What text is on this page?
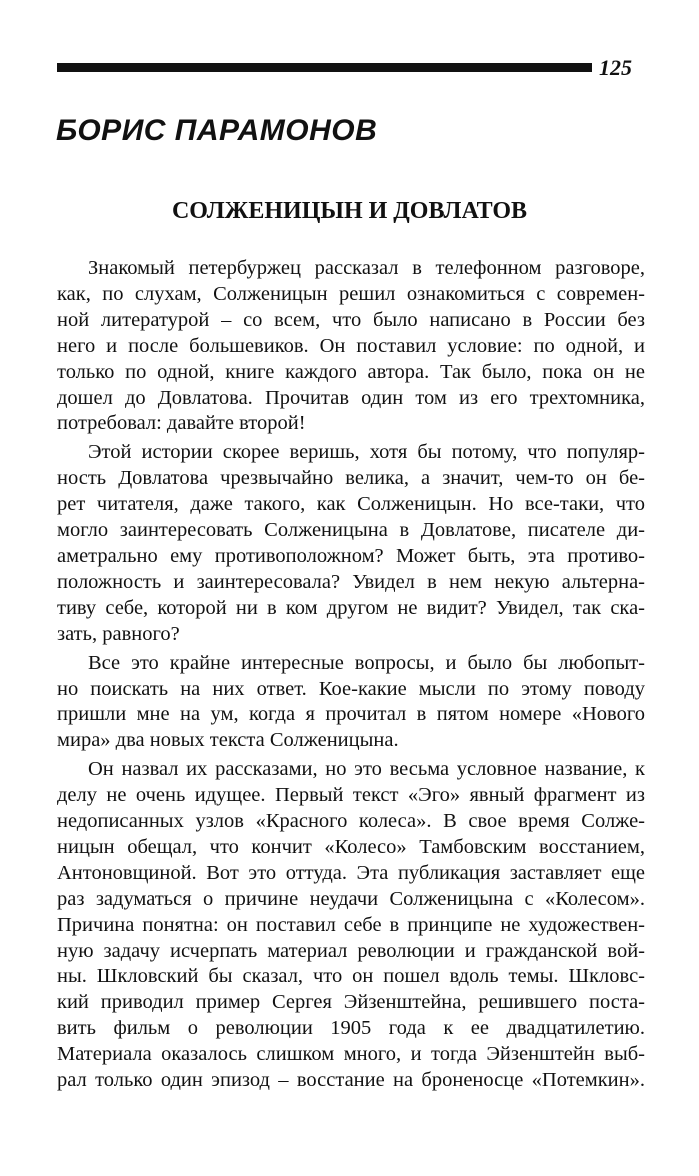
125
БОРИС ПАРАМОНОВ
СОЛЖЕНИЦЫН И ДОВЛАТОВ
Знакомый петербуржец рассказал в телефонном разговоре,
как, по слухам, Солженицын решил ознакомиться с современ-
ной литературой – со всем, что было написано в России без
него и после большевиков. Он поставил условие: по одной, и
только по одной, книге каждого автора. Так было, пока он не
дошел до Довлатова. Прочитав один том из его трехтомника,
потребовал: давайте второй!
Этой истории скорее веришь, хотя бы потому, что популяр-
ность Довлатова чрезвычайно велика, а значит, чем-то он бе-
рет читателя, даже такого, как Солженицын. Но все-таки, что
могло заинтересовать Солженицына в Довлатове, писателе ди-
аметрально ему противоположном? Может быть, эта противо-
положность и заинтересовала? Увидел в нем некую альтерна-
тиву себе, которой ни в ком другом не видит? Увидел, так ска-
зать, равного?
Все это крайне интересные вопросы, и было бы любопыт-
но поискать на них ответ. Кое-какие мысли по этому поводу
пришли мне на ум, когда я прочитал в пятом номере «Нового
мира» два новых текста Солженицына.
Он назвал их рассказами, но это весьма условное название, к
делу не очень идущее. Первый текст «Эго» явный фрагмент из
недописанных узлов «Красного колеса». В свое время Солже-
ницын обещал, что кончит «Колесо» Тамбовским восстанием,
Антоновщиной. Вот это оттуда. Эта публикация заставляет еще
раз задуматься о причине неудачи Солженицына с «Колесом».
Причина понятна: он поставил себе в принципе не художествен-
ную задачу исчерпать материал революции и гражданской вой-
ны. Шкловский бы сказал, что он пошел вдоль темы. Шкловс-
кий приводил пример Сергея Эйзенштейна, решившего поста-
вить фильм о революции 1905 года к ее двадцатилетию.
Материала оказалось слишком много, и тогда Эйзенштейн выб-
рал только один эпизод – восстание на броненосце «Потемкин».
